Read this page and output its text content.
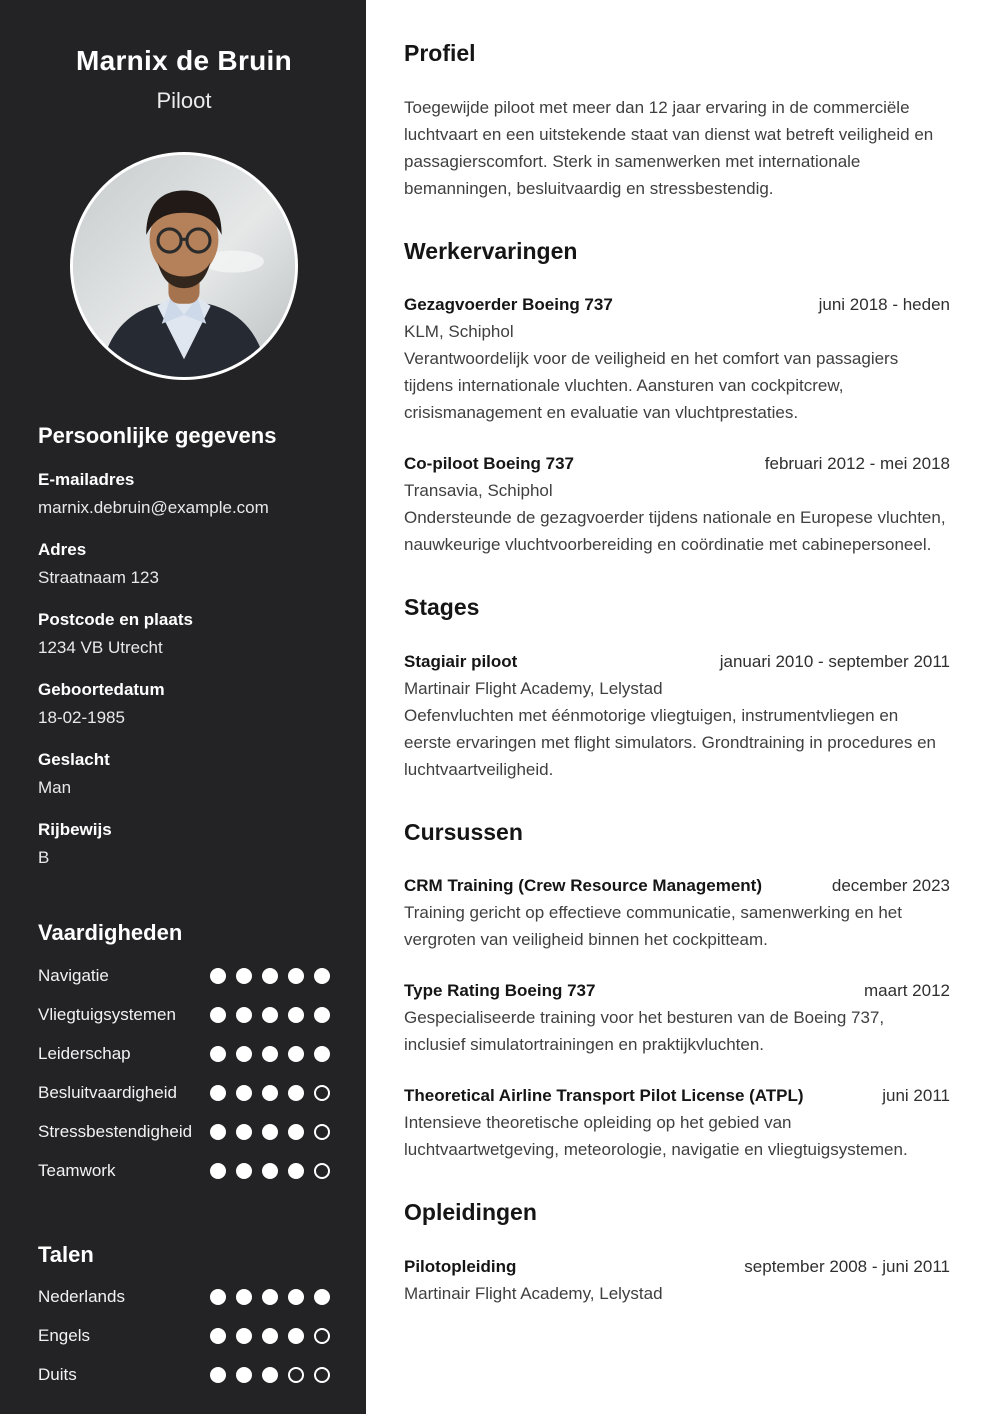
Marnix de Bruin
Piloot
Persoonlijke gegevens
E-mailadres
marnix.debruin@example.com
Adres
Straatnaam 123
Postcode en plaats
1234 VB Utrecht
Geboortedatum
18-02-1985
Geslacht
Man
Rijbewijs
B
Vaardigheden
Navigatie
Vliegtuigsystemen
Leiderschap
Besluitvaardigheid
Stressbestendigheid
Teamwork
Talen
Nederlands
Engels
Duits
Profiel

Toegewijde piloot met meer dan 12 jaar ervaring in de commerciële luchtvaart en een uitstekende staat van dienst wat betreft veiligheid en passagierscomfort. Sterk in samenwerken met internationale bemanningen, besluitvaardig en stressbestendig.

Werkervaringen
Gezagvoerder Boeing 737	juni 2018 - heden
KLM, Schiphol
Verantwoordelijk voor de veiligheid en het comfort van passagiers tijdens internationale vluchten. Aansturen van cockpitcrew, crisismanagement en evaluatie van vluchtprestaties.
Co-piloot Boeing 737	februari 2012 - mei 2018
Transavia, Schiphol
Ondersteunde de gezagvoerder tijdens nationale en Europese vluchten, nauwkeurige vluchtvoorbereiding en coördinatie met cabinepersoneel.
Stages
Stagiair piloot	januari 2010 - september 2011
Martinair Flight Academy, Lelystad
Oefenvluchten met éénmotorige vliegtuigen, instrumentvliegen en eerste ervaringen met flight simulators. Grondtraining in procedures en luchtvaartveiligheid.
Cursussen
CRM Training (Crew Resource Management)	december 2023
Training gericht op effectieve communicatie, samenwerking en het vergroten van veiligheid binnen het cockpitteam.
Type Rating Boeing 737	maart 2012
Gespecialiseerde training voor het besturen van de Boeing 737, inclusief simulatortrainingen en praktijkvluchten.
Theoretical Airline Transport Pilot License (ATPL)	juni 2011
Intensieve theoretische opleiding op het gebied van luchtvaartwetgeving, meteorologie, navigatie en vliegtuigsystemen.
Opleidingen
Pilotopleiding	september 2008 - juni 2011
Martinair Flight Academy, Lelystad
